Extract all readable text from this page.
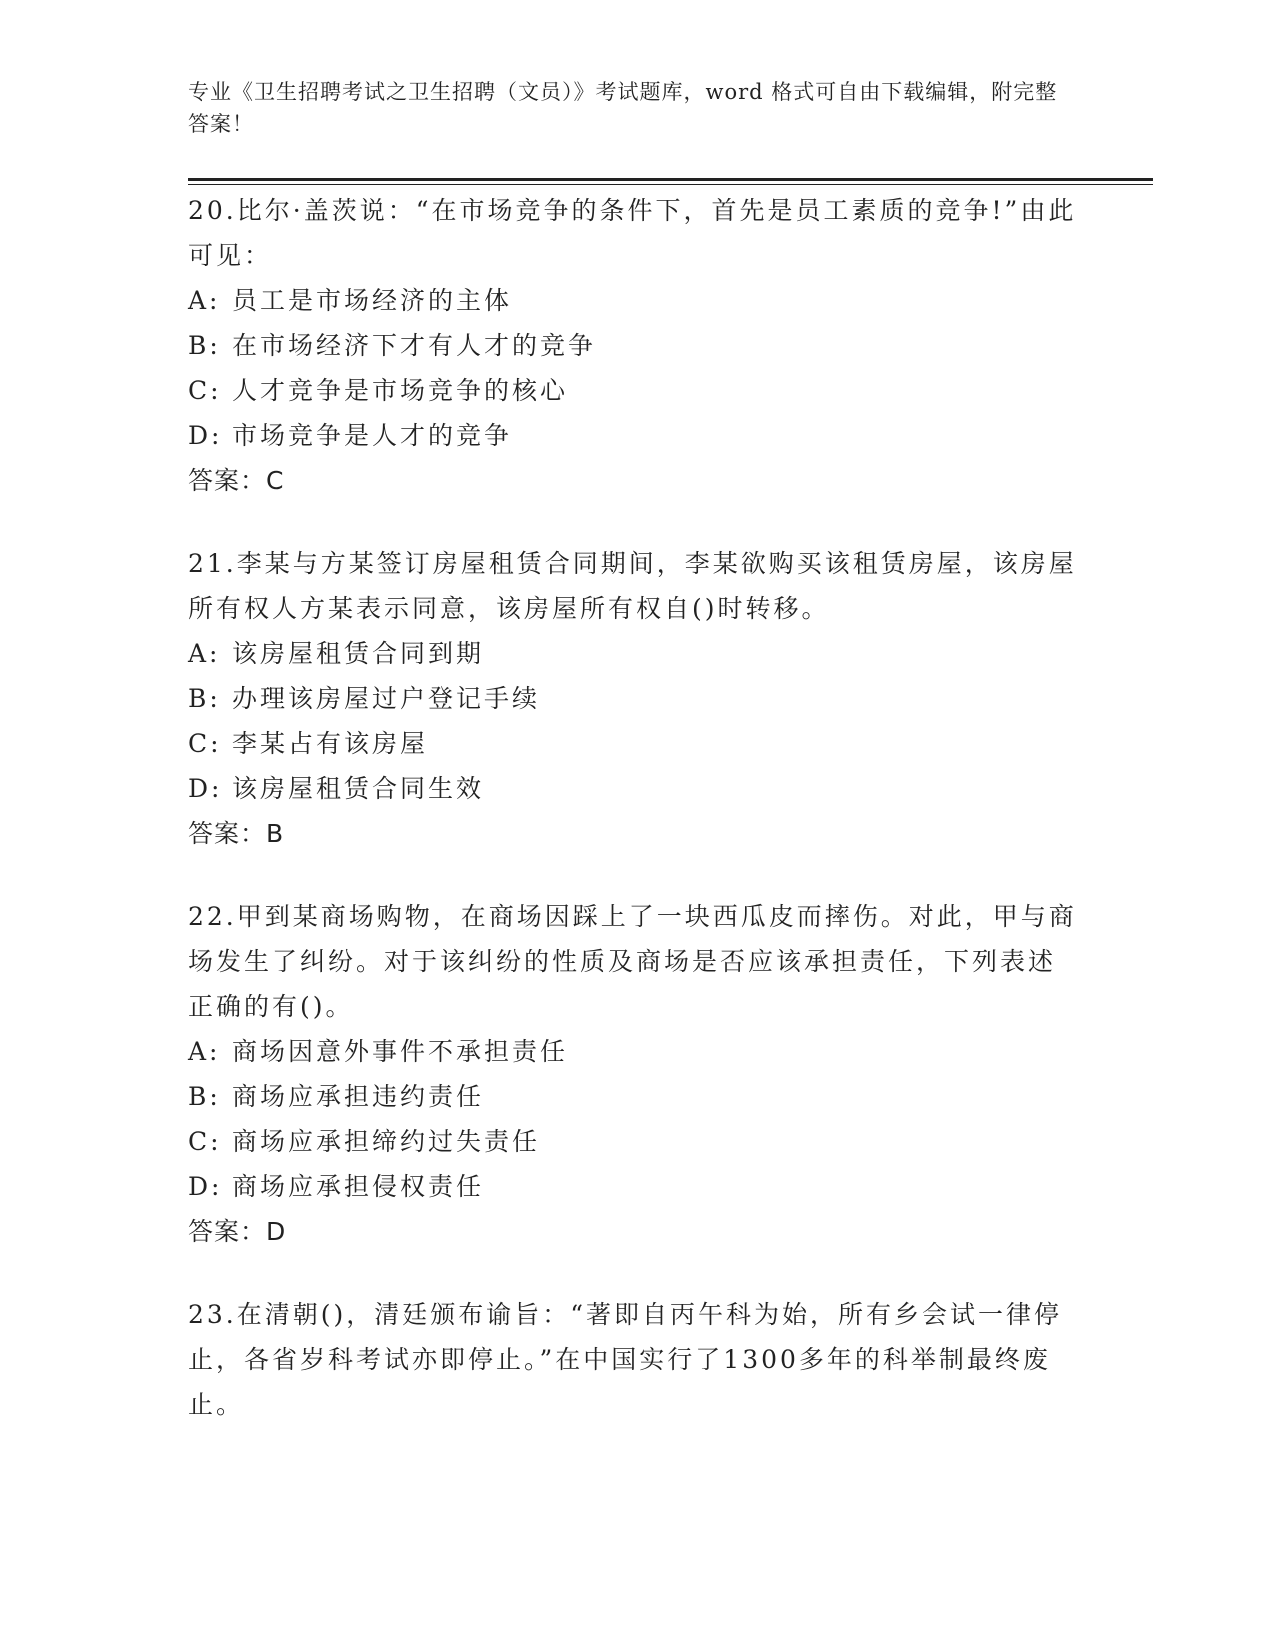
专业《卫生招聘考试之卫生招聘（文员）》考试题库，word 格式可自由下载编辑，附完整答案！

20.比尔·盖茨说：“在市场竞争的条件下，首先是员工素质的竞争!”由此可见：

A: 员工是市场经济的主体

B: 在市场经济下才有人才的竞争

C: 人才竞争是市场竞争的核心

D: 市场竞争是人才的竞争

答案：C

21.李某与方某签订房屋租赁合同期间，李某欲购买该租赁房屋，该房屋所有权人方某表示同意，该房屋所有权自()时转移。

A: 该房屋租赁合同到期

B: 办理该房屋过户登记手续

C: 李某占有该房屋

D: 该房屋租赁合同生效

答案：B

22.甲到某商场购物，在商场因踩上了一块西瓜皮而摔伤。对此，甲与商场发生了纠纷。对于该纠纷的性质及商场是否应该承担责任，下列表述正确的有()。

A: 商场因意外事件不承担责任

B: 商场应承担违约责任

C: 商场应承担缔约过失责任

D: 商场应承担侵权责任

答案：D

23.在清朝()，清廷颁布谕旨：“著即自丙午科为始，所有乡会试一律停止，各省岁科考试亦即停止。”在中国实行了1300多年的科举制最终废止。
